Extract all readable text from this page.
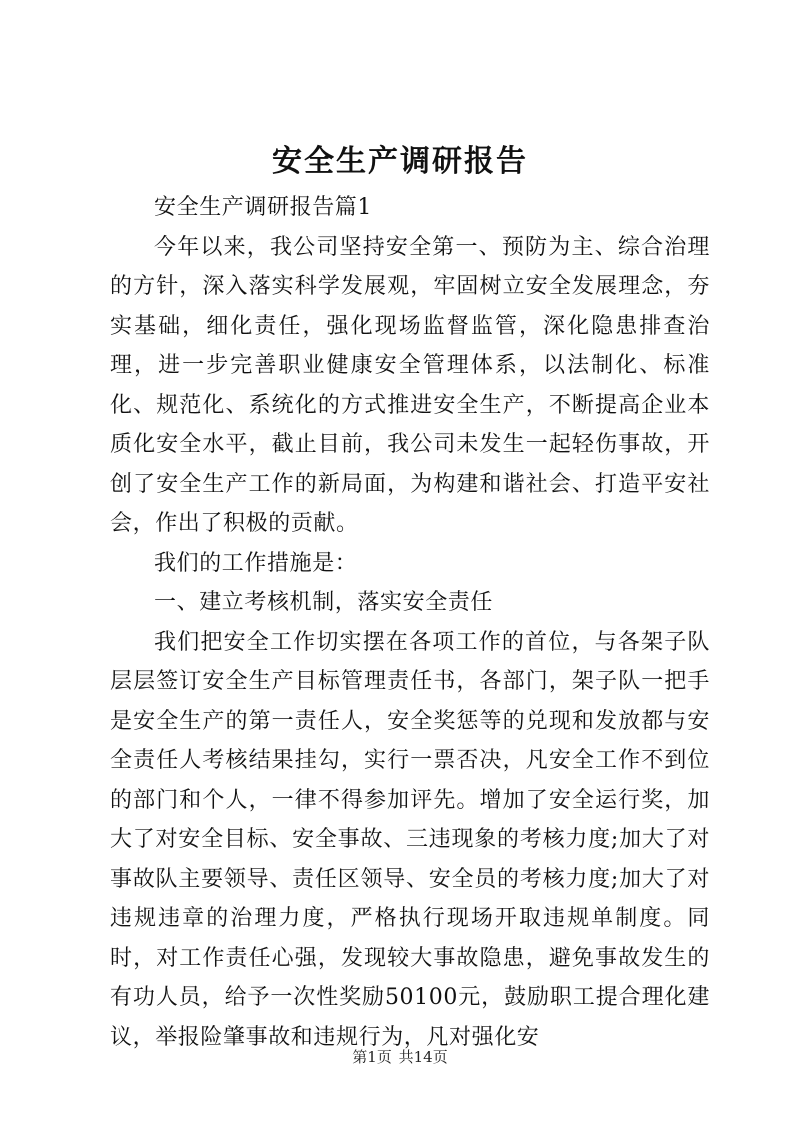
安全生产调研报告

安全生产调研报告篇1

今年以来，我公司坚持安全第一、预防为主、综合治理的方针，深入落实科学发展观，牢固树立安全发展理念，夯实基础，细化责任，强化现场监督监管，深化隐患排查治理，进一步完善职业健康安全管理体系，以法制化、标准化、规范化、系统化的方式推进安全生产，不断提高企业本质化安全水平，截止目前，我公司未发生一起轻伤事故，开创了安全生产工作的新局面，为构建和谐社会、打造平安社会，作出了积极的贡献。

我们的工作措施是：

一、建立考核机制，落实安全责任

我们把安全工作切实摆在各项工作的首位，与各架子队层层签订安全生产目标管理责任书，各部门，架子队一把手是安全生产的第一责任人，安全奖惩等的兑现和发放都与安全责任人考核结果挂勾，实行一票否决，凡安全工作不到位的部门和个人，一律不得参加评先。增加了安全运行奖，加大了对安全目标、安全事故、三违现象的考核力度;加大了对事故队主要领导、责任区领导、安全员的考核力度;加大了对违规违章的治理力度，严格执行现场开取违规单制度。同时，对工作责任心强，发现较大事故隐患，避免事故发生的有功人员，给予一次性奖励50100元，鼓励职工提合理化建议，举报险肇事故和违规行为，凡对强化安

第1页 共14页
